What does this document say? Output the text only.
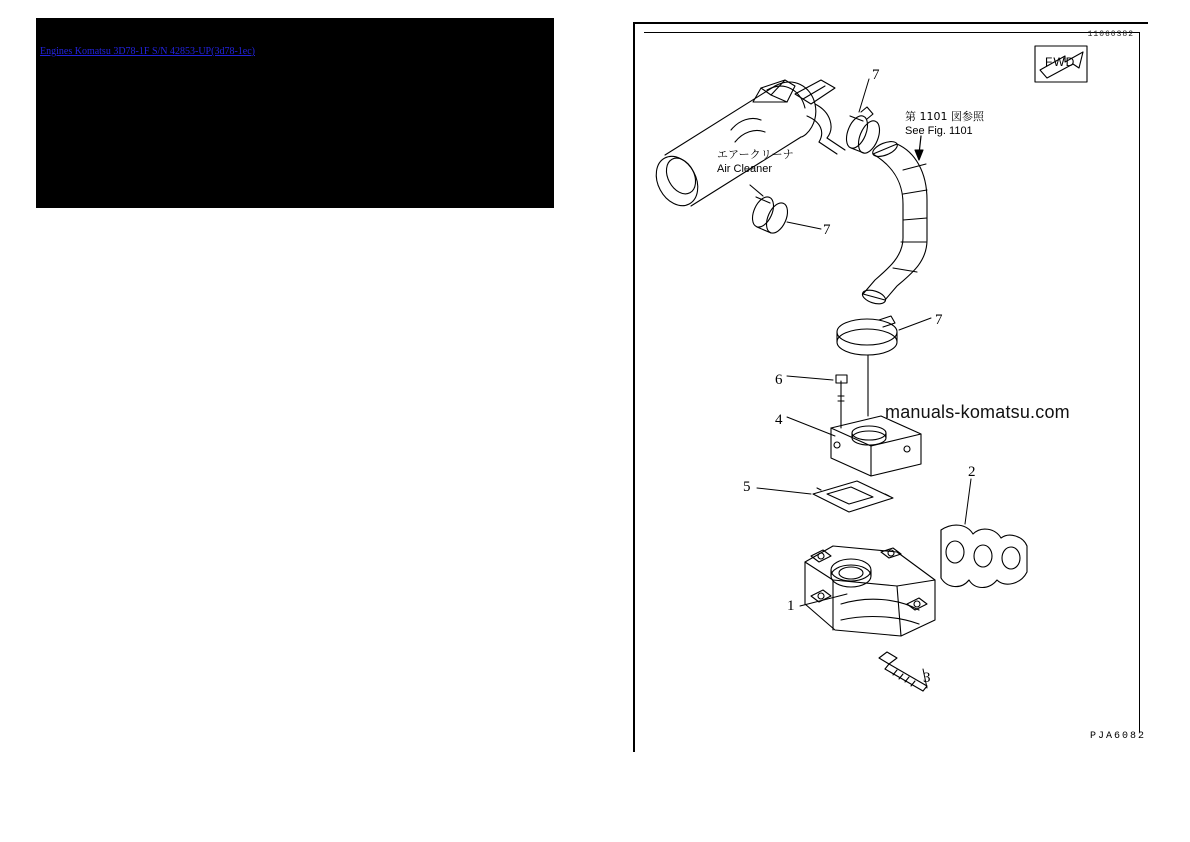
Engines Komatsu 3D78-1F S/N 42853-UP(3d78-1ec)
11060382
エアークリーナ
Air Cleaner
第 1101 図参照
See Fig. 1101
FWD
7
7
7
6
4
5
2
1
3
manuals-komatsu.com
PJA6082
